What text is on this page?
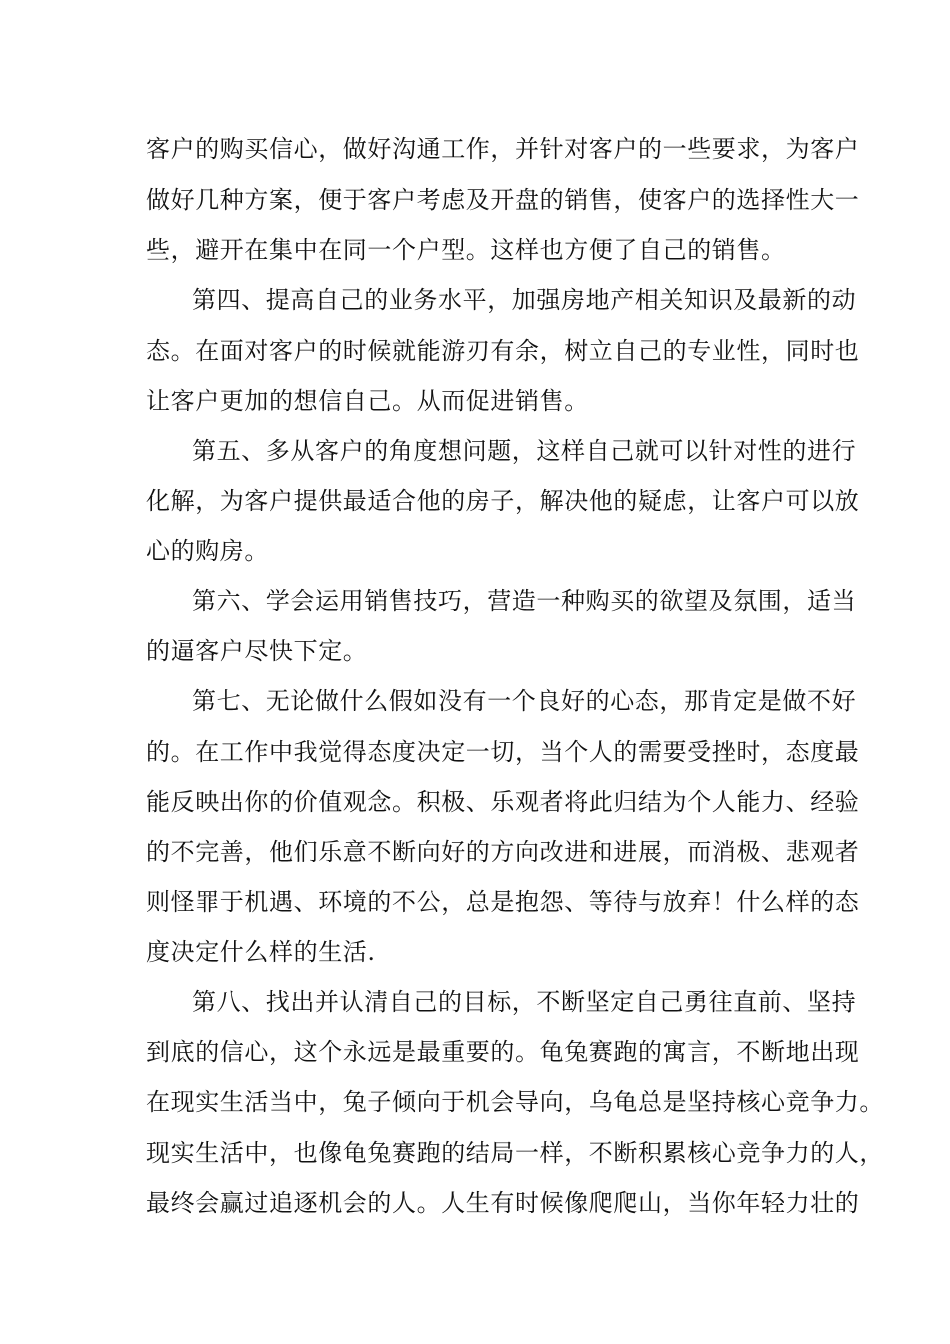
客户的购买信心，做好沟通工作，并针对客户的一些要求，为客户
做好几种方案，便于客户考虑及开盘的销售，使客户的选择性大一
些，避开在集中在同一个户型。这样也方便了自己的销售。
第四、提高自己的业务水平，加强房地产相关知识及最新的动
态。在面对客户的时候就能游刃有余，树立自己的专业性，同时也
让客户更加的想信自己。从而促进销售。
第五、多从客户的角度想问题，这样自己就可以针对性的进行
化解，为客户提供最适合他的房子，解决他的疑虑，让客户可以放
心的购房。
第六、学会运用销售技巧，营造一种购买的欲望及氛围，适当
的逼客户尽快下定。
第七、无论做什么假如没有一个良好的心态，那肯定是做不好
的。在工作中我觉得态度决定一切，当个人的需要受挫时，态度最
能反映出你的价值观念。积极、乐观者将此归结为个人能力、经验
的不完善，他们乐意不断向好的方向改进和进展，而消极、悲观者
则怪罪于机遇、环境的不公，总是抱怨、等待与放弃！什么样的态
度决定什么样的生活.
第八、找出并认清自己的目标，不断坚定自己勇往直前、坚持
到底的信心，这个永远是最重要的。龟兔赛跑的寓言，不断地出现
在现实生活当中，兔子倾向于机会导向，乌龟总是坚持核心竞争力。
现实生活中，也像龟兔赛跑的结局一样，不断积累核心竞争力的人，
最终会赢过追逐机会的人。人生有时候像爬爬山，当你年轻力壮的
